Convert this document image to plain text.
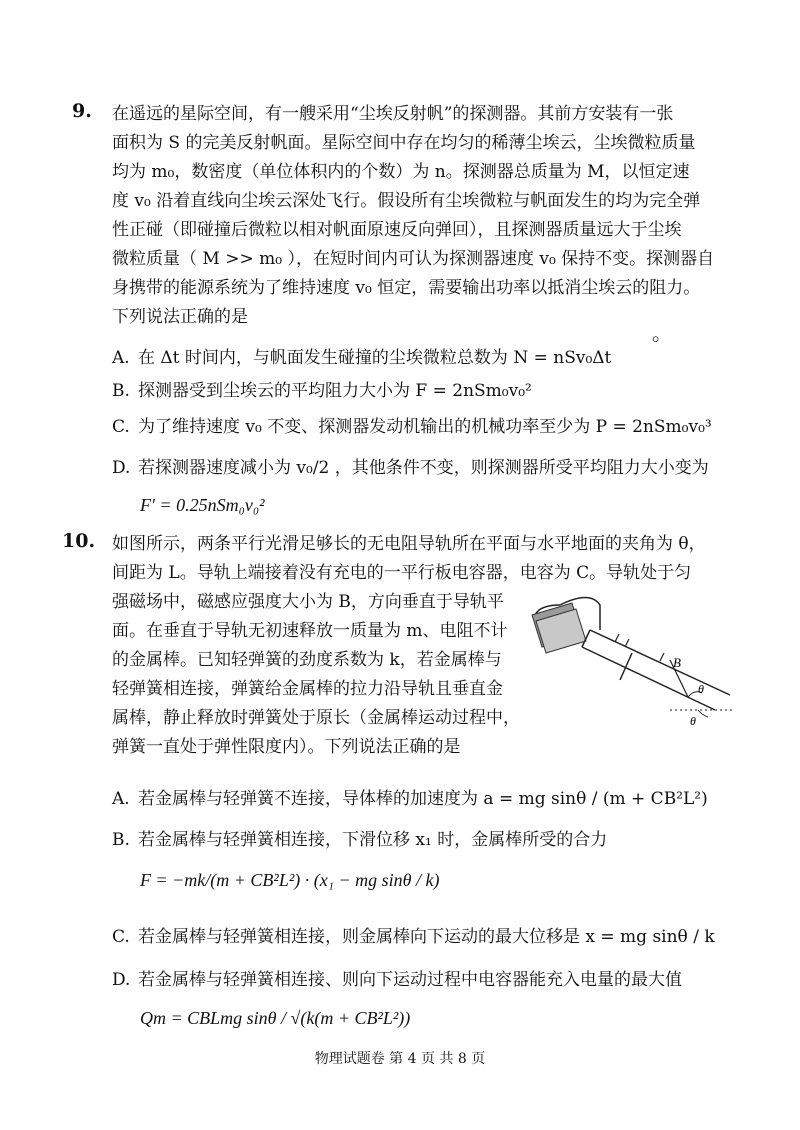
9. 在遥远的星际空间，有一艘采用“尘埃反射帆”的探测器。其前方安装有一张
面积为 S 的完美反射帆面。星际空间中存在均匀的稀薄尘埃云，尘埃微粒质量
均为 m₀，数密度（单位体积内的个数）为 n。探测器总质量为 M，以恒定速
度 v₀ 沿着直线向尘埃云深处飞行。假设所有尘埃微粒与帆面发生的均为完全弹
性正碰（即碰撞后微粒以相对帆面原速反向弹回），且探测器质量远大于尘埃
微粒质量（ M >> m₀ ），在短时间内可认为探测器速度 v₀ 保持不变。探测器自
身携带的能源系统为了维持速度 v₀ 恒定，需要输出功率以抵消尘埃云的阻力。
下列说法正确的是
。
A. 在 Δt 时间内，与帆面发生碰撞的尘埃微粒总数为 N = nSv₀Δt
B. 探测器受到尘埃云的平均阻力大小为 F = 2nSm₀v₀²
C. 为了维持速度 v₀ 不变、探测器发动机输出的机械功率至少为 P = 2nSm₀v₀³
D. 若探测器速度减小为 v₀/2 ，其他条件不变，则探测器所受平均阻力大小变为
F′ = 0.25nSm₀v₀²
10. 如图所示，两条平行光滑足够长的无电阻导轨所在平面与水平地面的夹角为 θ，
间距为 L。导轨上端接着没有充电的一平行板电容器，电容为 C。导轨处于匀
强磁场中，磁感应强度大小为 B，方向垂直于导轨平
面。在垂直于导轨无初速释放一质量为 m、电阻不计
的金属棒。已知轻弹簧的劲度系数为 k，若金属棒与
轻弹簧相连接，弹簧给金属棒的拉力沿导轨且垂直金
属棒，静止释放时弹簧处于原长（金属棒运动过程中，
弹簧一直处于弹性限度内）。下列说法正确的是
B
θ
θ
A. 若金属棒与轻弹簧不连接，导体棒的加速度为 a = mg sinθ / (m + CB²L²)
B. 若金属棒与轻弹簧相连接，下滑位移 x₁ 时，金属棒所受的合力
F = −mk/(m + CB²L²) · (x₁ − mg sinθ / k)
C. 若金属棒与轻弹簧相连接，则金属棒向下运动的最大位移是 x = mg sinθ / k
D. 若金属棒与轻弹簧相连接、则向下运动过程中电容器能充入电量的最大值
Qm = CBLmg sinθ / √(k(m + CB²L²))
物理试题卷 第 4 页 共 8 页
